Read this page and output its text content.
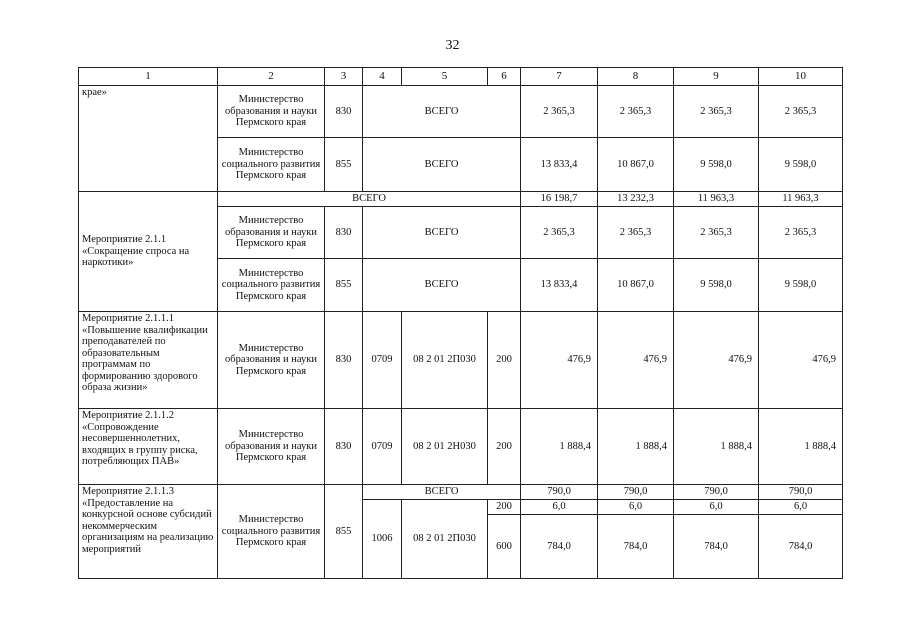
32
1	2	3	4	5	6	7	8	9	10
крае»	Министерство образования и науки Пермского края	830	ВСЕГО			2 365,3	2 365,3	2 365,3	2 365,3
	Министерство социального развития Пермского края	855	ВСЕГО			13 833,4	10 867,0	9 598,0	9 598,0
Мероприятие 2.1.1 «Сокращение спроса на наркотики»	ВСЕГО					16 198,7	13 232,3	11 963,3	11 963,3
	Министерство образования и науки Пермского края	830	ВСЕГО			2 365,3	2 365,3	2 365,3	2 365,3
	Министерство социального развития Пермского края	855	ВСЕГО			13 833,4	10 867,0	9 598,0	9 598,0
Мероприятие 2.1.1.1 «Повышение квалификации преподавателей по образовательным программам по формированию здорового образа жизни»	Министерство образования и науки Пермского края	830	0709	08 2 01 2П030	200	476,9	476,9	476,9	476,9
Мероприятие 2.1.1.2 «Сопровождение несовершеннолетних, входящих в группу риска, потребляющих ПАВ»	Министерство образования и науки Пермского края	830	0709	08 2 01 2Н030	200	1 888,4	1 888,4	1 888,4	1 888,4
Мероприятие 2.1.1.3 «Предоставление на конкурсной основе субсидий некоммерческим организациям на реализацию мероприятий	Министерство социального развития Пермского края	855	ВСЕГО			790,0	790,0	790,0	790,0
			1006	08 2 01 2П030	200	6,0	6,0	6,0	6,0
					600	784,0	784,0	784,0	784,0
